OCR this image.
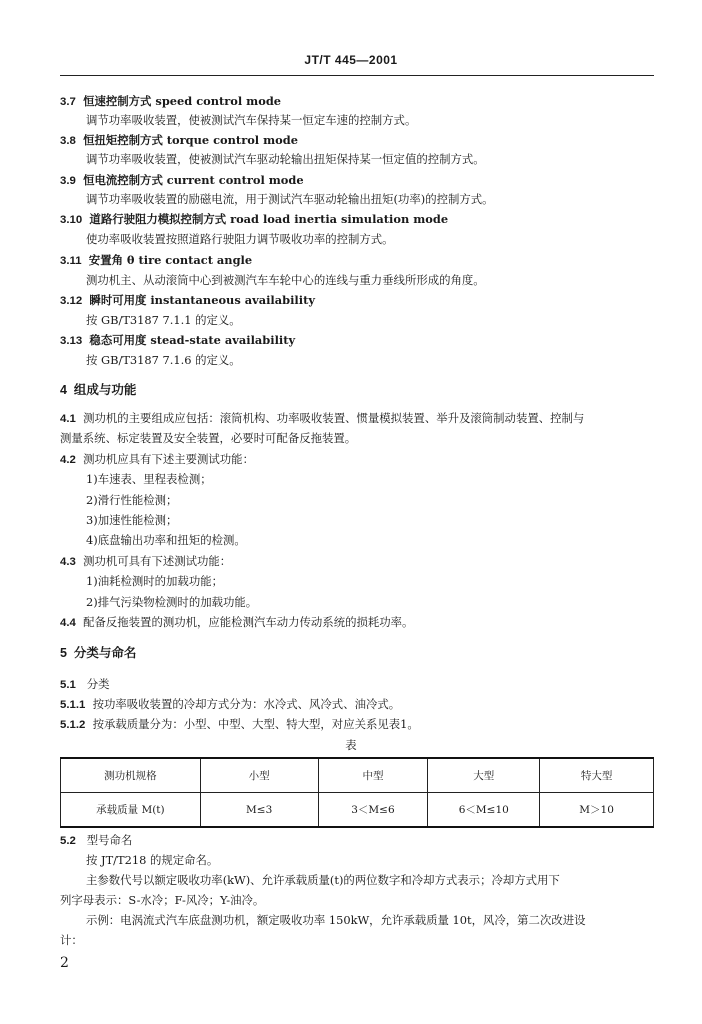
JT/T 445—2001
3.7 恒速控制方式 speed control mode
调节功率吸收装置，使被测试汽车保持某一恒定车速的控制方式。
3.8 恒扭矩控制方式 torque control mode
调节功率吸收装置，使被测试汽车驱动轮输出扭矩保持某一恒定值的控制方式。
3.9 恒电流控制方式 current control mode
调节功率吸收装置的励磁电流，用于测试汽车驱动轮输出扭矩(功率)的控制方式。
3.10 道路行驶阻力模拟控制方式 road load inertia simulation mode
使功率吸收装置按照道路行驶阻力调节吸收功率的控制方式。
3.11 安置角 θ tire contact angle
测功机主、从动滚筒中心到被测汽车车轮中心的连线与重力垂线所形成的角度。
3.12 瞬时可用度 instantaneous availability
按 GB/T3187 7.1.1 的定义。
3.13 稳态可用度 stead-state availability
按 GB/T3187 7.1.6 的定义。
4 组成与功能
4.1 测功机的主要组成应包括：滚筒机构、功率吸收装置、惯量模拟装置、举升及滚筒制动装置、控制与
测量系统、标定装置及安全装置，必要时可配备反拖装置。
4.2 测功机应具有下述主要测试功能：
1)车速表、里程表检测；
2)滑行性能检测；
3)加速性能检测；
4)底盘输出功率和扭矩的检测。
4.3 测功机可具有下述测试功能：
1)油耗检测时的加载功能；
2)排气污染物检测时的加载功能。
4.4 配备反拖装置的测功机，应能检测汽车动力传动系统的损耗功率。
5 分类与命名
5.1 分类
5.1.1 按功率吸收装置的冷却方式分为：水冷式、风冷式、油冷式。
5.1.2 按承载质量分为：小型、中型、大型、特大型，对应关系见表1。
表
测功机规格	小型	中型	大型	特大型
承载质量 M(t)	M≤3	3＜M≤6	6＜M≤10	M＞10
5.2 型号命名
按 JT/T218 的规定命名。
主参数代号以额定吸收功率(kW)、允许承载质量(t)的两位数字和冷却方式表示；冷却方式用下
列字母表示：S-水冷；F-风冷；Y-油冷。
示例：电涡流式汽车底盘测功机，额定吸收功率 150kW，允许承载质量 10t，风冷，第二次改进设
计：
2
